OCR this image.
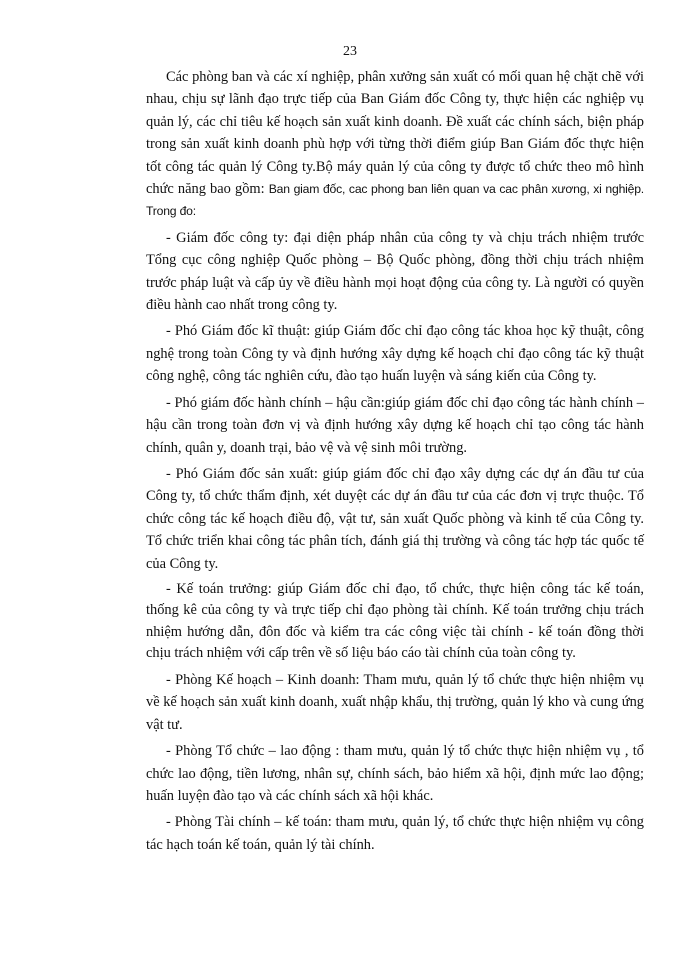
23

Các phòng ban và các xí nghiệp, phân xưởng sản xuất có mối quan hệ chặt chẽ với nhau, chịu sự lãnh đạo trực tiếp của Ban Giám đốc Công ty, thực hiện các nghiệp vụ quản lý, các chỉ tiêu kế hoạch sản xuất kinh doanh. Đề xuất các chính sách, biện pháp trong sản xuất kinh doanh phù hợp với từng thời điểm giúp Ban Giám đốc thực hiện tốt công tác quản lý Công ty.Bộ máy quản lý của công ty được tổ chức theo mô hình chức năng bao gồm: Ban giam đốc, cac phong ban liên quan va cac phân xương, xi nghiệp. Trong đo:

- Giám đốc công ty: đại diện pháp nhân của công ty và chịu trách nhiệm trước Tổng cục công nghiệp Quốc phòng – Bộ Quốc phòng, đồng thời chịu trách nhiệm trước pháp luật và cấp ủy về điều hành mọi hoạt động của công ty. Là người có quyền điều hành cao nhất trong công ty.

- Phó Giám đốc kĩ thuật: giúp Giám đốc chỉ đạo công tác khoa học kỹ thuật, công nghệ trong toàn Công ty và định hướng xây dựng kế hoạch chỉ đạo công tác kỹ thuật công nghệ, công tác nghiên cứu, đào tạo huấn luyện và sáng kiến của Công ty.

- Phó giám đốc hành chính – hậu cần:giúp giám đốc chỉ đạo công tác hành chính – hậu cần trong toàn đơn vị và định hướng xây dựng kế hoạch chỉ tạo công tác hành chính, quân y, doanh trại, bảo vệ và vệ sinh môi trường.

- Phó Giám đốc sản xuất: giúp giám đốc chỉ đạo xây dựng các dự án đầu tư của Công ty, tổ chức thẩm định, xét duyệt các dự án đầu tư của các đơn vị trực thuộc. Tổ chức công tác kế hoạch điều độ, vật tư, sản xuất Quốc phòng và kinh tế của Công ty. Tổ chức triển khai công tác phân tích, đánh giá thị trường và công tác hợp tác quốc tế của Công ty.

- Kế toán trưởng: giúp Giám đốc chỉ đạo, tổ chức, thực hiện công tác kế toán, thống kê của công ty và trực tiếp chỉ đạo phòng tài chính. Kế toán trưởng chịu trách nhiệm hướng dẫn, đôn đốc và kiểm tra các công việc tài chính - kế toán đồng thời chịu trách nhiệm với cấp trên về số liệu báo cáo tài chính của toàn công ty.

- Phòng Kế hoạch – Kinh doanh: Tham mưu, quản lý tổ chức thực hiện nhiệm vụ về kế hoạch sản xuất kinh doanh, xuất nhập khẩu, thị trường, quản lý kho và cung ứng vật tư.

- Phòng Tổ chức – lao động : tham mưu, quản lý tổ chức thực hiện nhiệm vụ , tổ chức lao động, tiền lương, nhân sự, chính sách, bảo hiểm xã hội, định mức lao động; huấn luyện đào tạo và các chính sách xã hội khác.

- Phòng Tài chính – kế toán: tham mưu, quản lý, tổ chức thực hiện nhiệm vụ công tác hạch toán kế toán, quản lý tài chính.
